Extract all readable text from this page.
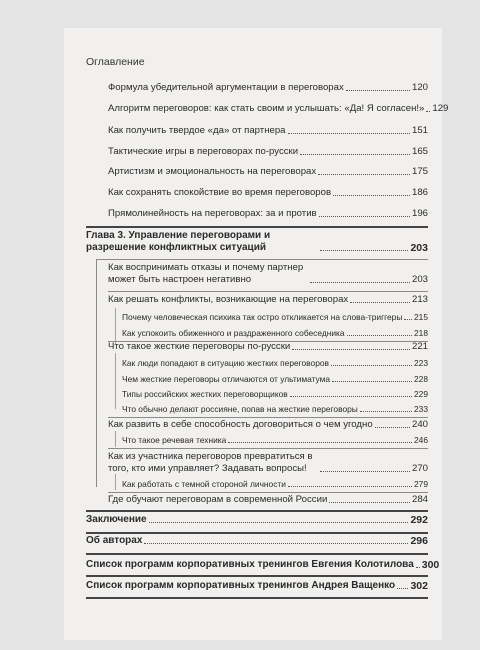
Оглавление
Формула убедительной аргументации в переговорах	120
Алгоритм переговоров: как стать своим и услышать: «Да! Я согласен!» 129
Как получить твердое «да» от партнера	151
Тактические игры в переговорах по-русски	165
Артистизм и эмоциональность на переговорах	175
Как сохранять спокойствие во время переговоров	186
Прямолинейность на переговорах: за и против	196
Глава 3. Управление переговорами и разрешение конфликтных ситуаций	203
Как воспринимать отказы и почему партнер может быть настроен негативно	203
Как решать конфликты, возникающие на переговорах	213
Почему человеческая психика так остро откликается на слова-триггеры 215
Как успокоить обиженного и раздраженного собеседника	218
Что такое жесткие переговоры по-русски	221
Как люди попадают в ситуацию жестких переговоров	223
Чем жесткие переговоры отличаются от ультиматума	228
Типы российских жестких переговорщиков	229
Что обычно делают россияне, попав на жесткие переговоры	233
Как развить в себе способность договориться о чем угодно	240
Что такое речевая техника	246
Как из участника переговоров превратиться в того, кто ими управляет? Задавать вопросы!	270
Как работать с темной стороной личности	279
Где обучают переговорам в современной России	284
Заключение	292
Об авторах	296
Список программ корпоративных тренингов Евгения Колотилова 300
Список программ корпоративных тренингов Андрея Ващенко 302
